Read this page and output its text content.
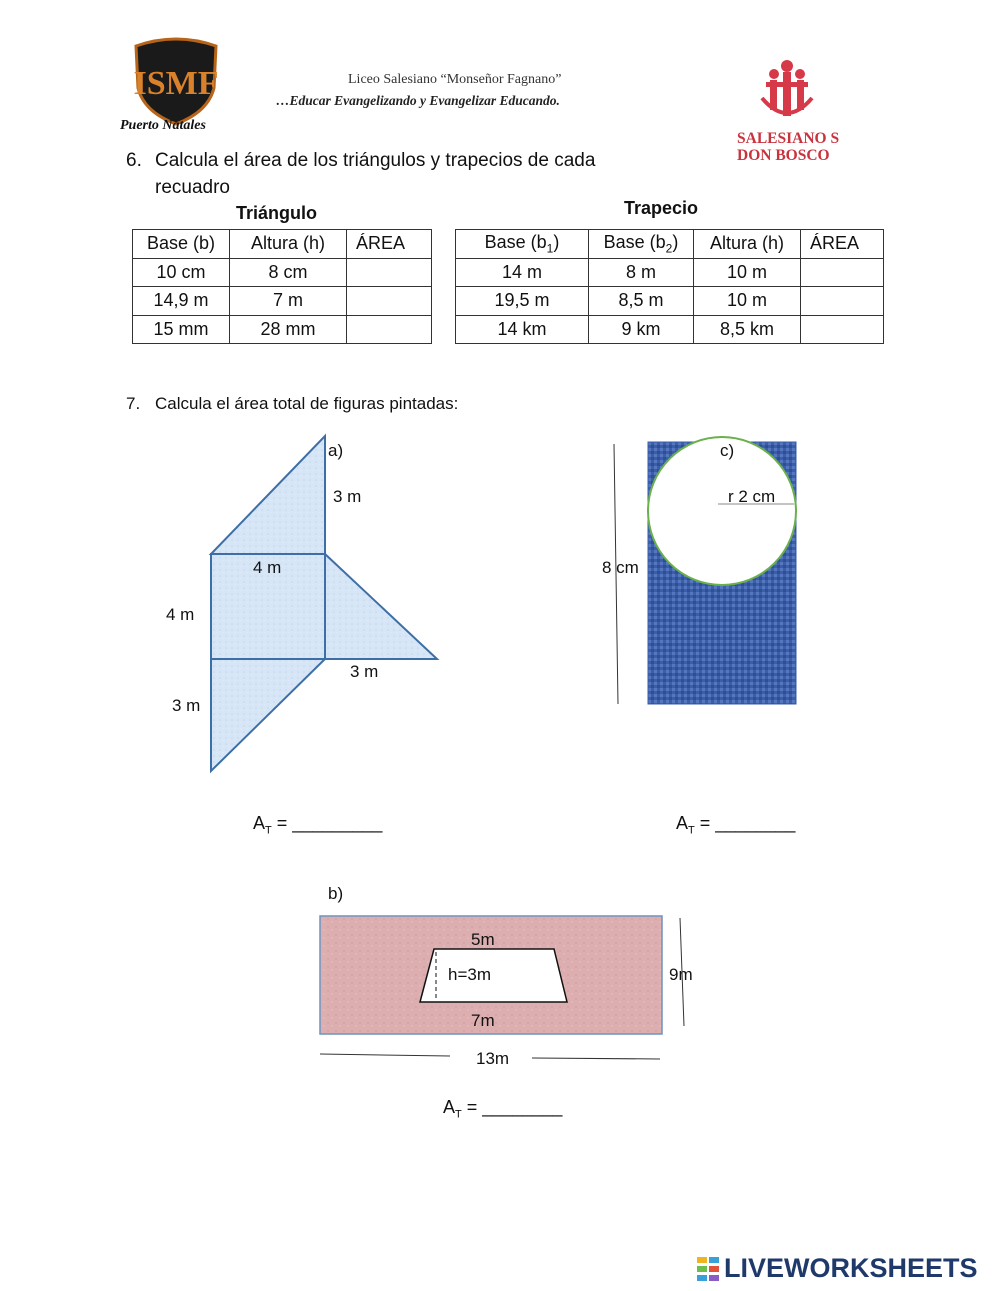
ISMF
Puerto Natales
Liceo Salesiano “Monseñor Fagnano”
…Educar Evangelizando y Evangelizar Educando.
SALESIANO S
DON BOSCO
6. Calcula el área de los triángulos y trapecios de cada
recuadro
Triángulo	Trapecio
Base (b)	Altura (h)	ÁREA
10 cm	8 cm	
14,9 m	7 m	
15 mm	28 mm	
Base $(b_1)$	Base $(b_2)$	Altura (h)	ÁREA
14 m	8 m	10 m	
19,5 m	8,5 m	10 m	
14 km	9 km	8,5 km	
7. Calcula el área total de figuras pintadas:
a)
3 m
4 m
4 m
3 m
3 m
c)
r 2 cm
8 cm
$A_T$ = _________	$A_T$ = ________
b)
5m
h=3m
7m
9m
13m
$A_T$ = ________
LIVEWORKSHEETS
